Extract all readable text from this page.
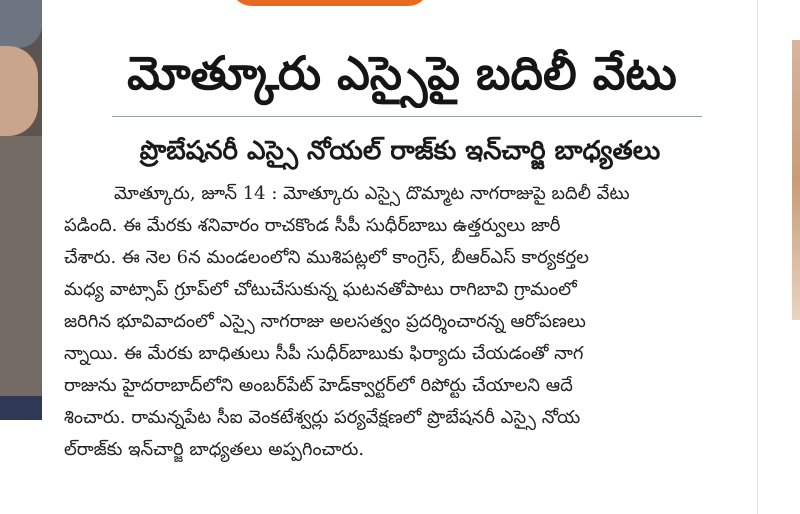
మోత్కూరు ఎస్సైపై బదిలీ వేటు
ప్రొబేషనరీ ఎస్సై నోయల్ రాజ్‌కు ఇన్‌చార్జి బాధ్యతలు
మోత్కూరు, జూన్ 14 : మోత్కూరు ఎస్సై దొమ్మాట నాగరాజుపై బదిలీ వేటు
పడింది. ఈ మేరకు శనివారం రాచకొండ సీపీ సుధీర్‌బాబు ఉత్తర్వులు జారీ
చేశారు. ఈ నెల 6న మండలంలోని ముశిపట్లలో కాంగ్రెస్, బీఆర్ఎస్ కార్యకర్తల
మధ్య వాట్సాప్ గ్రూప్‌లో చోటుచేసుకున్న ఘటనతోపాటు రాగిబావి గ్రామంలో
జరిగిన భూవివాదంలో ఎస్సై నాగరాజు అలసత్వం ప్రదర్శించారన్న ఆరోపణలు
న్నాయి. ఈ మేరకు బాధితులు సీపీ సుధీర్‌బాబుకు ఫిర్యాదు చేయడంతో నాగ
రాజును హైదరాబాద్‌లోని అంబర్‌పేట్ హెడ్‌క్వార్టర్‌లో రిపోర్టు చేయాలని ఆదే
శించారు. రామన్నపేట సీఐ వెంకటేశ్వర్లు పర్యవేక్షణలో ప్రొబేషనరీ ఎస్సై నోయ
ల్‌రాజ్‌కు ఇన్‌చార్జి బాధ్యతలు అప్పగించారు.
